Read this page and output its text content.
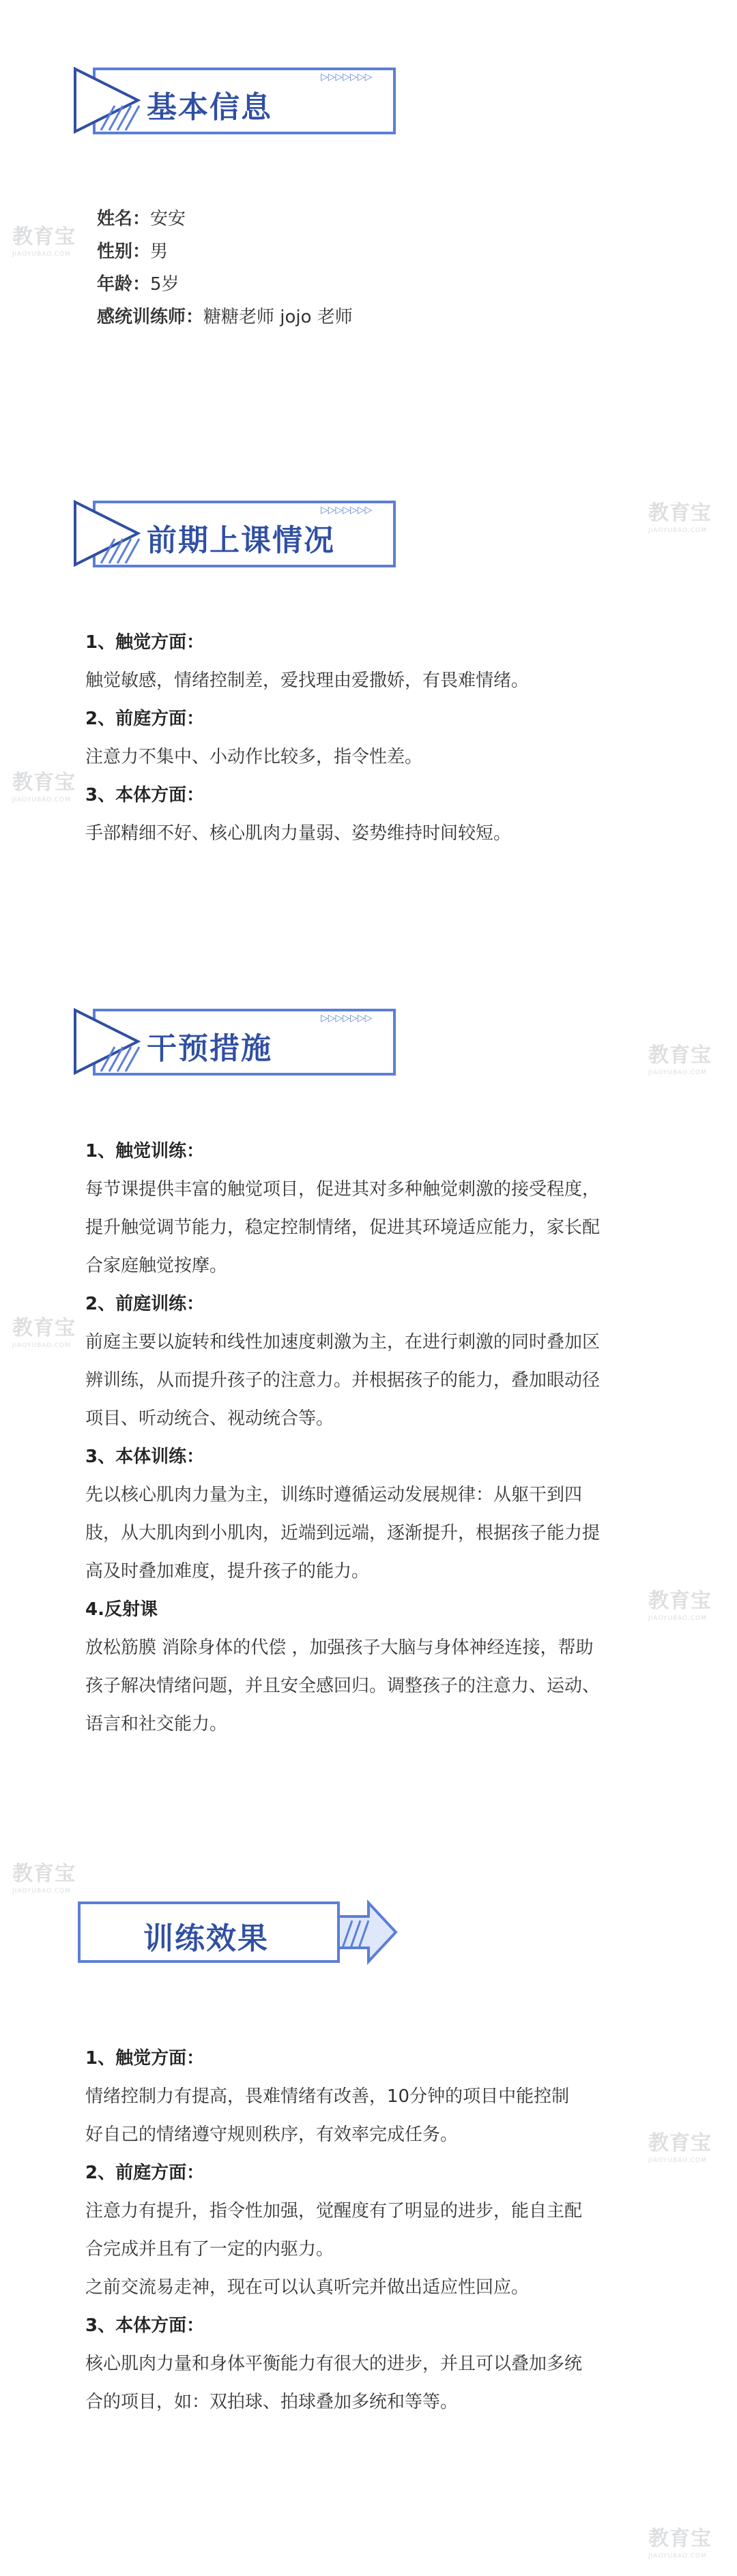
▷▷▷▷▷▷▷
基本信息
姓名：安安
性别：男
年龄：5岁
感统训练师：糖糖老师 jojo 老师
▷▷▷▷▷▷▷
前期上课情况
1、触觉方面：

触觉敏感，情绪控制差，爱找理由爱撒娇，有畏难情绪。

2、前庭方面：

注意力不集中、小动作比较多，指令性差。

3、本体方面：

手部精细不好、核心肌肉力量弱、姿势维持时间较短。

▷▷▷▷▷▷▷
干预措施
1、触觉训练：

每节课提供丰富的触觉项目，促进其对多种触觉刺激的接受程度，

提升触觉调节能力，稳定控制情绪，促进其环境适应能力，家长配

合家庭触觉按摩。

2、前庭训练：

前庭主要以旋转和线性加速度刺激为主，在进行刺激的同时叠加区

辨训练，从而提升孩子的注意力。并根据孩子的能力，叠加眼动径

项目、听动统合、视动统合等。

3、本体训练：

先以核心肌肉力量为主，训练时遵循运动发展规律：从躯干到四

肢，从大肌肉到小肌肉，近端到远端，逐渐提升，根据孩子能力提

高及时叠加难度，提升孩子的能力。

4.反射课

放松筋膜 消除身体的代偿 ，加强孩子大脑与身体神经连接，帮助

孩子解决情绪问题，并且安全感回归。调整孩子的注意力、运动、

语言和社交能力。

训练效果
1、触觉方面：

情绪控制力有提高，畏难情绪有改善，10分钟的项目中能控制

好自己的情绪遵守规则秩序，有效率完成任务。

2、前庭方面：

注意力有提升，指令性加强，觉醒度有了明显的进步，能自主配

合完成并且有了一定的内驱力。

之前交流易走神，现在可以认真听完并做出适应性回应。

3、本体方面：

核心肌肉力量和身体平衡能力有很大的进步，并且可以叠加多统

合的项目，如：双拍球、拍球叠加多统和等等。

教育宝
JIAOYUBAO.COM
教育宝
JIAOYUBAO.COM
教育宝
JIAOYUBAO.COM
教育宝
JIAOYUBAO.COM
教育宝
JIAOYUBAO.COM
教育宝
JIAOYUBAO.COM
教育宝
JIAOYUBAO.COM
教育宝
JIAOYUBAO.COM
教育宝
JIAOYUBAO.COM
